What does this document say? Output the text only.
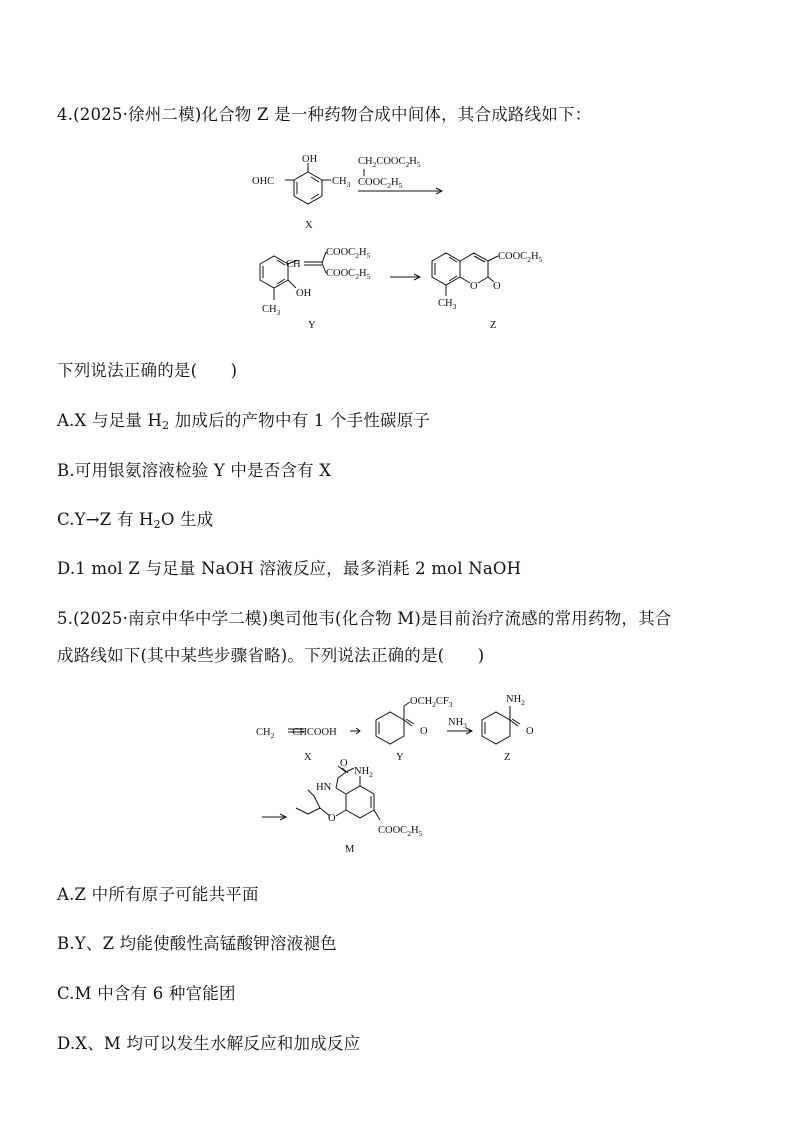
4.(2025·徐州二模)化合物 Z 是一种药物合成中间体，其合成路线如下：
OH
OHC	$CH_3$
X
$CH_2COOC_2H_5$
$COOC_2H_5$
CH
$COOC_2H_5$
$COOC_2H_5$
OH
$CH_3$
Y
$COOC_2H_5$
O O
$CH_3$
Z
下列说法正确的是(　　)
A.X 与足量 $H_2$ 加成后的产物中有 1 个手性碳原子
B.可用银氨溶液检验 Y 中是否含有 X
C.Y→Z 有 $H_2O$ 生成
D.1 mol Z 与足量 NaOH 溶液反应，最多消耗 2 mol NaOH
5.(2025·南京中华中学二模)奥司他韦(化合物 M)是目前治疗流感的常用药物，其合
成路线如下(其中某些步骤省略)。下列说法正确的是(　　)
$CH_2$ CHCOOH
$OCH_2CF_3$
O
X	Y
$NH_3$
$NH_2$
O
Z
O
HN
$NH_2$
O
$COOC_2H_5$
M
A.Z 中所有原子可能共平面
B.Y、Z 均能使酸性高锰酸钾溶液褪色
C.M 中含有 6 种官能团
D.X、M 均可以发生水解反应和加成反应
